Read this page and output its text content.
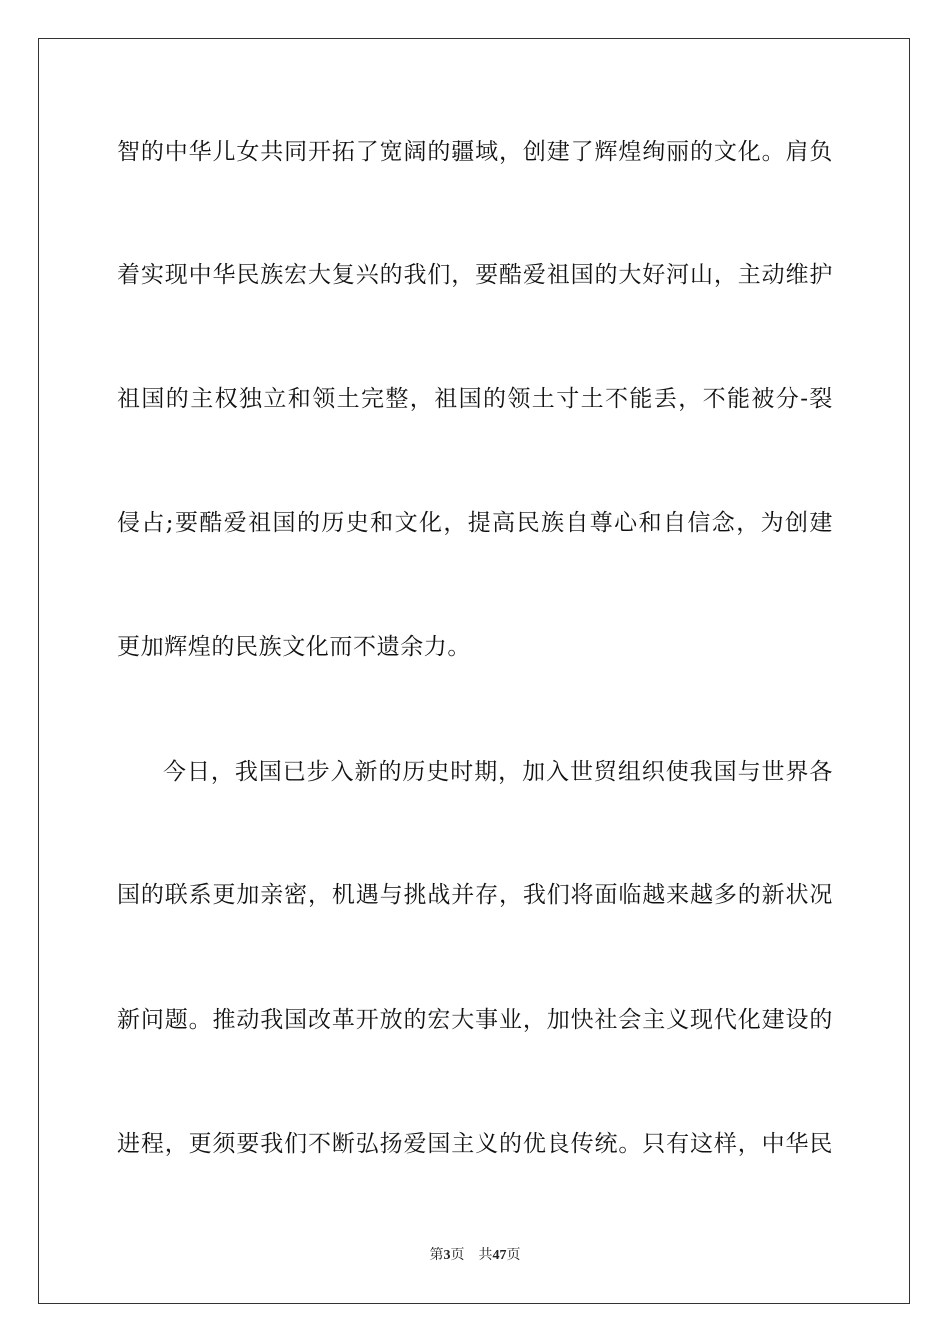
智的中华儿女共同开拓了宽阔的疆域，创建了辉煌绚丽的文化。肩负
着实现中华民族宏大复兴的我们，要酷爱祖国的大好河山，主动维护
祖国的主权独立和领土完整，祖国的领土寸土不能丢，不能被分-裂
侵占;要酷爱祖国的历史和文化，提高民族自尊心和自信念，为创建
更加辉煌的民族文化而不遗余力。
今日，我国已步入新的历史时期，加入世贸组织使我国与世界各
国的联系更加亲密，机遇与挑战并存，我们将面临越来越多的新状况
新问题。推动我国改革开放的宏大事业，加快社会主义现代化建设的
进程，更须要我们不断弘扬爱国主义的优良传统。只有这样，中华民
第3页 共47页
